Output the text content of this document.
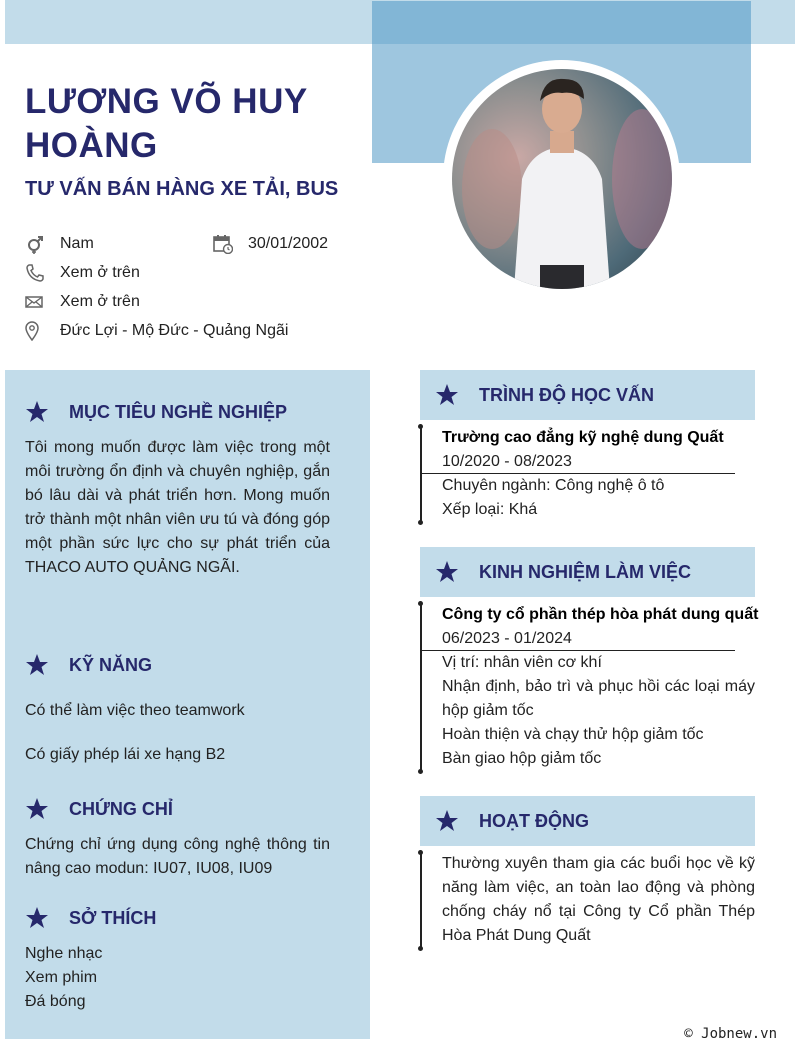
LƯƠNG VÕ HUY HOÀNG
TƯ VẤN BÁN HÀNG XE TẢI, BUS
Nam	30/01/2002
Xem ở trên
Xem ở trên
Đức Lợi - Mộ Đức - Quảng Ngãi
MỤC TIÊU NGHỀ NGHIỆP
Tôi mong muốn được làm việc trong một môi trường ổn định và chuyên nghiệp, gắn bó lâu dài và phát triển hơn. Mong muốn trở thành một nhân viên ưu tú và đóng góp một phần sức lực cho sự phát triển của THACO AUTO QUẢNG NGÃI.
KỸ NĂNG
Có thể làm việc theo teamwork
Có giấy phép lái xe hạng B2
CHỨNG CHỈ
Chứng chỉ ứng dụng công nghệ thông tin nâng cao modun: IU07, IU08, IU09
SỞ THÍCH
Nghe nhạc
Xem phim
Đá bóng
TRÌNH ĐỘ HỌC VẤN
Trường cao đẳng kỹ nghệ dung Quất
10/2020 - 08/2023
Chuyên ngành: Công nghệ ô tô
Xếp loại: Khá
KINH NGHIỆM LÀM VIỆC
Công ty cổ phần thép hòa phát dung quất
06/2023 - 01/2024
Vị trí: nhân viên cơ khí
Nhận định, bảo trì và phục hồi các loại máy hộp giảm tốc
Hoàn thiện và chạy thử hộp giảm tốc
Bàn giao hộp giảm tốc
HOẠT ĐỘNG
Thường xuyên tham gia các buổi học về kỹ năng làm việc, an toàn lao động và phòng chống cháy nổ tại Công ty Cổ phần Thép Hòa Phát Dung Quất
© Jobnew.vn
